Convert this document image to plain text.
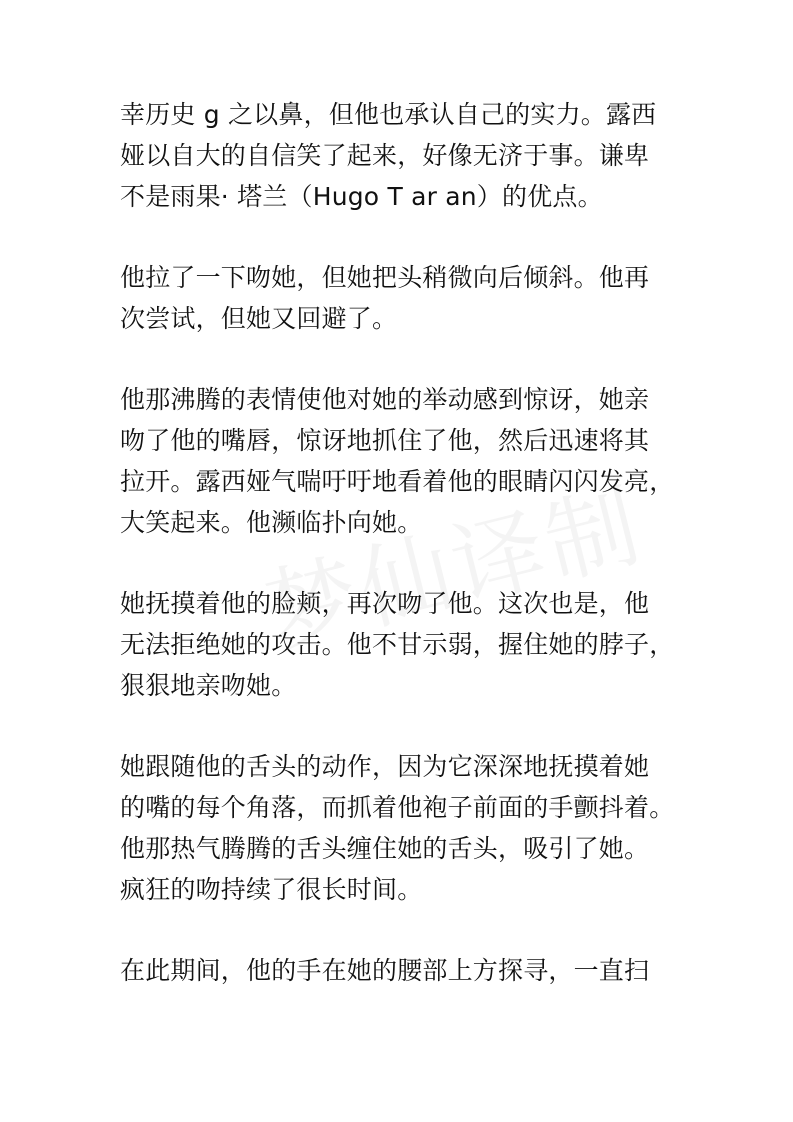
幸历史 g 之以鼻，但他也承认自己的实力。露西
娅以自大的自信笑了起来，好像无济于事。谦卑
不是雨果· 塔兰（Hugo T ar an）的优点。

他拉了一下吻她，但她把头稍微向后倾斜。他再
次尝试，但她又回避了。

他那沸腾的表情使他对她的举动感到惊讶，她亲
吻了他的嘴唇，惊讶地抓住了他，然后迅速将其
拉开。露西娅气喘吁吁地看着他的眼睛闪闪发亮，
大笑起来。他濒临扑向她。

她抚摸着他的脸颊，再次吻了他。这次也是，他
无法拒绝她的攻击。他不甘示弱，握住她的脖子，
狠狠地亲吻她。

她跟随他的舌头的动作，因为它深深地抚摸着她
的嘴的每个角落，而抓着他袍子前面的手颤抖着。
他那热气腾腾的舌头缠住她的舌头，吸引了她。
疯狂的吻持续了很长时间。

在此期间，他的手在她的腰部上方探寻，一直扫
